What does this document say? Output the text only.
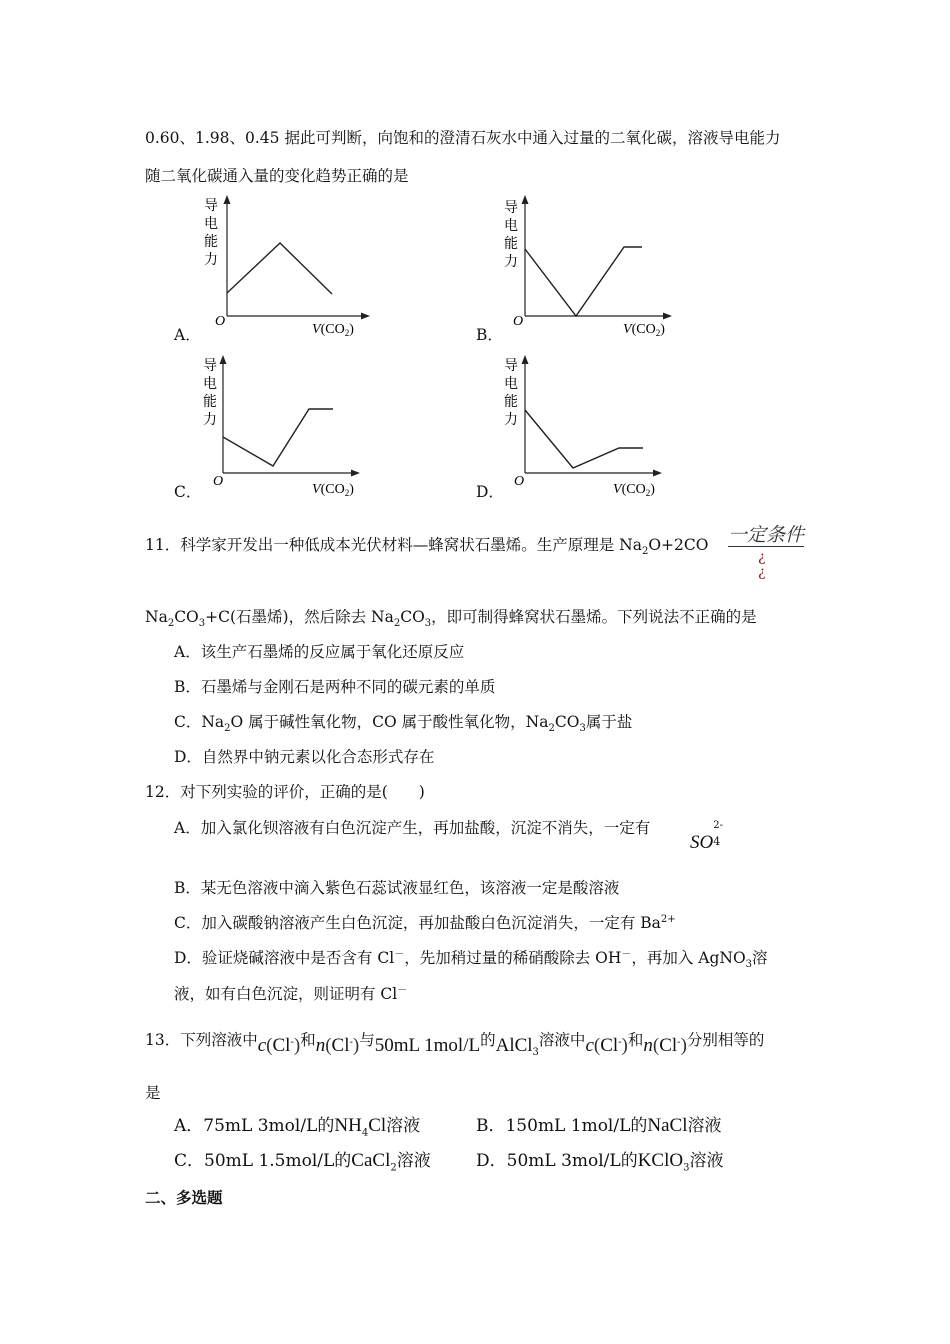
0.60、1.98、0.45 据此可判断，向饱和的澄清石灰水中通入过量的二氧化碳，溶液导电能力
随二氧化碳通入量的变化趋势正确的是
A．
导
电
能
力
O
$V(CO_2)$	B．
导
电
能
力
O
$V(CO_2)$
C．
导
电
能
力
O
$V(CO_2)$	D．
导
电
能
力
O
$V(CO_2)$
11．科学家开发出一种低成本光伏材料—蜂窝状石墨烯。生产原理是 $Na_2O+2CO$ 一定条件
¿
¿
$Na_2CO_3+C$(石墨烯)，然后除去 $Na_2CO_3$，即可制得蜂窝状石墨烯。下列说法不正确的是
A．该生产石墨烯的反应属于氧化还原反应
B．石墨烯与金刚石是两种不同的碳元素的单质
C．$Na_2O$ 属于碱性氧化物，CO 属于酸性氧化物，$Na_2CO_3$属于盐
D．自然界中钠元素以化合态形式存在
12．对下列实验的评价，正确的是(　　)
A．加入氯化钡溶液有白色沉淀产生，再加盐酸，沉淀不消失，一定有
SO
2-
4
B．某无色溶液中滴入紫色石蕊试液显红色，该溶液一定是酸溶液
C．加入碳酸钠溶液产生白色沉淀，再加盐酸白色沉淀消失，一定有 $Ba^{2+}$
D．验证烧碱溶液中是否含有 Cl－，先加稍过量的稀硝酸除去 OH－，再加入 AgNO$_3$溶
液，如有白色沉淀，则证明有 Cl－
13．下列溶液中c(Cl-)和n(Cl-)与50mL 1mol/L的AlCl$_3$溶液中c(Cl-)和n(Cl-)分别相等的
是
A．75mL 3mol/L的$NH_4Cl$溶液	B．150mL 1mol/L的NaCl溶液
C．50mL 1.5mol/L的CaCl$_2$溶液	D．50mL 3mol/L的KClO$_3$溶液
二、多选题
